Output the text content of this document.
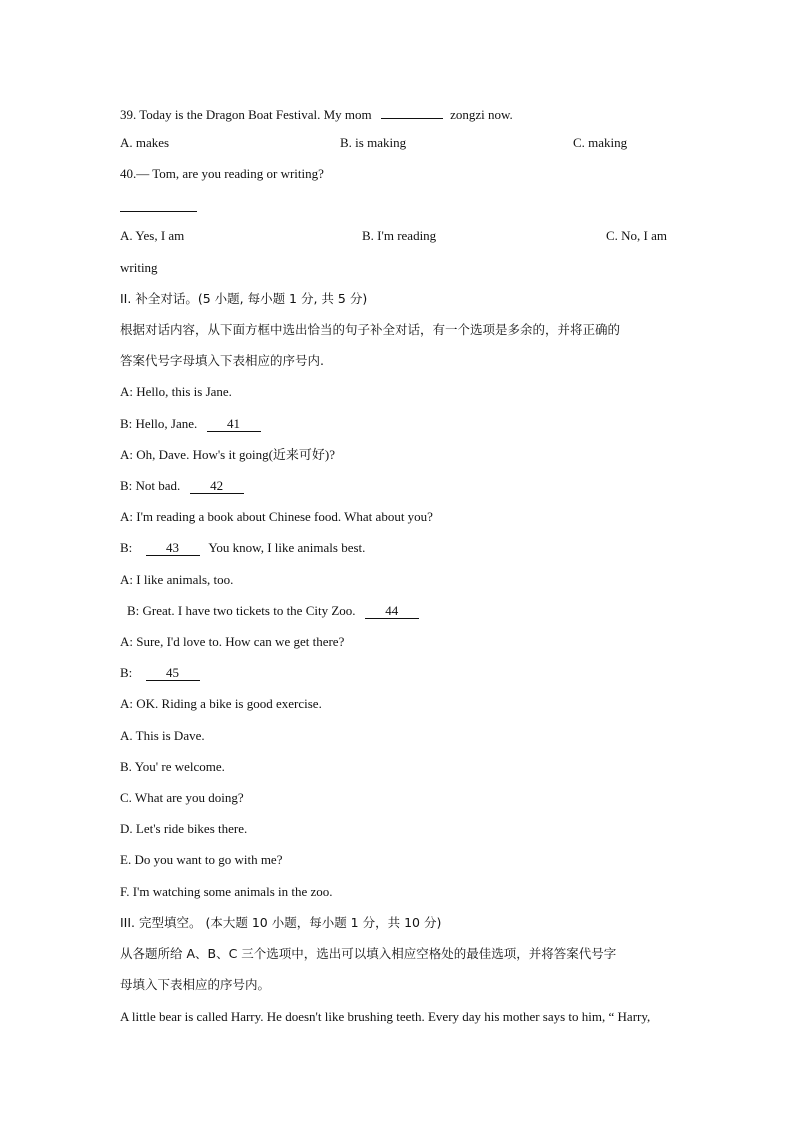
39. Today is the Dragon Boat Festival. My mom	zongzi now.
A. makes	B. is making	C. making
40.— Tom, are you reading or writing?
A. Yes, I am	B. I'm reading	C. No, I am
writing
II. 补全对话。(5 小题, 每小题 1 分, 共 5 分)
根据对话内容，从下面方框中选出恰当的句子补全对话，有一个选项是多余的，并将正确的
答案代号字母填入下表相应的序号内.
A: Hello, this is Jane.
B: Hello, Jane. 41
A: Oh, Dave. How's it going(近来可好)?
B: Not bad. 42
A: I'm reading a book about Chinese food. What about you?
B:	43 You know, I like animals best.
A: I like animals, too.
B: Great. I have two tickets to the City Zoo. 44
A: Sure, I'd love to. How can we get there?
B:	45
A: OK. Riding a bike is good exercise.
A. This is Dave.
B. You' re welcome.
C. What are you doing?
D. Let's ride bikes there.
E. Do you want to go with me?
F. I'm watching some animals in the zoo.
III. 完型填空。 (本大题 10 小题，每小题 1 分，共 10 分)
从各题所给 A、B、C 三个选项中，选出可以填入相应空格处的最佳选项，并将答案代号字
母填入下表相应的序号内。
A little bear is called Harry. He doesn't like brushing teeth. Every day his mother says to him, “ Harry,
